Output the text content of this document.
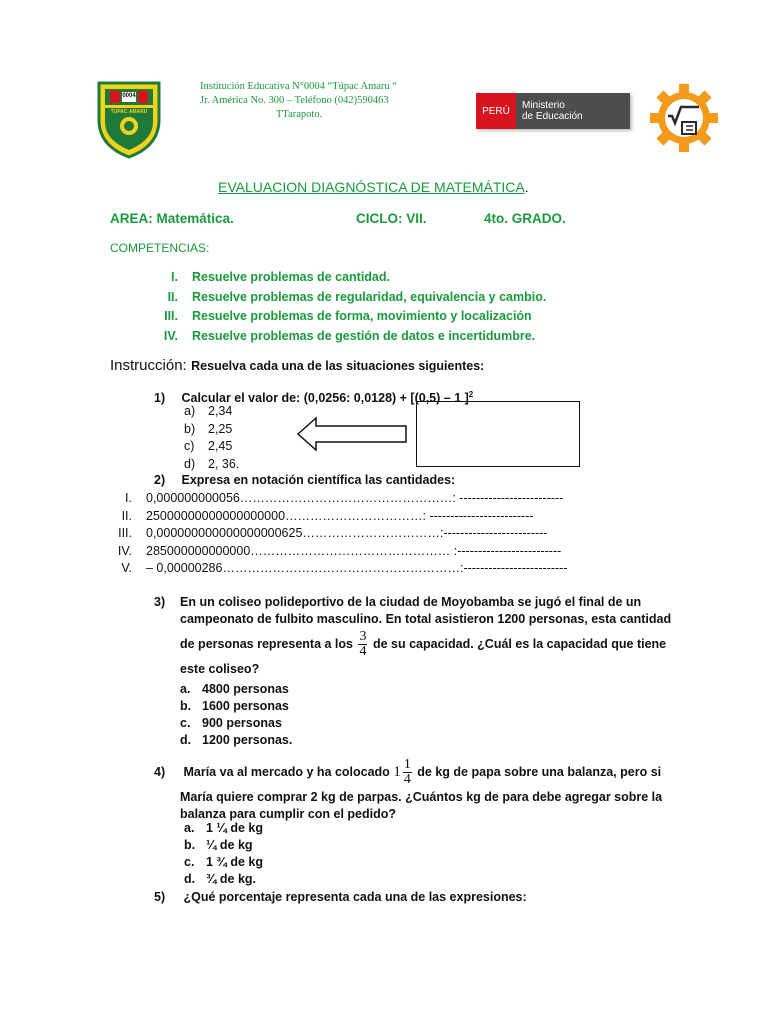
0004
TUPAC AMARU
Institución Educativa N°0004 “Túpac Amaru “
Jr. América No. 300 – Teléfono (042)590463
TTarapoto.	PERÚ	Ministerio
de Educación
EVALUACION DIAGNÓSTICA DE MATEMÁTICA.
AREA: Matemática.	CICLO: VII.	4to. GRADO.
COMPETENCIAS:
I. Resuelve problemas de cantidad.
II. Resuelve problemas de regularidad, equivalencia y cambio.
III. Resuelve problemas de forma, movimiento y localización
IV. Resuelve problemas de gestión de datos e incertidumbre.
Instrucción: Resuelva cada una de las situaciones siguientes:
1) Calcular el valor de: (0,0256: 0,0128) + [(0,5) – 1 ]$^2$
a) 2,34
b) 2,25
c) 2,45
d) 2, 36.
2) Expresa en notación científica las cantidades:
I. 0,000000000056……………………………………………: -------------------------
II. 25000000000000000000……………………………: -------------------------
III. 0,000000000000000000625……………………………:-------------------------
IV. 285000000000000………………………………………… :-------------------------
V. – 0,00000286…………………………………………………:-------------------------
3) En un coliseo polideportivo de la ciudad de Moyobamba se jugó el final de un
campeonato de fulbito masculino. En total asistieron 1200 personas, esta cantidad
de personas representa a los $\frac{3}{4}$ de su capacidad. ¿Cuál es la capacidad que tiene
este coliseo?
a. 4800 personas
b. 1600 personas
c. 900 personas
d. 1200 personas.
4) María va al mercado y ha colocado $1 \frac{1}{4}$ de kg de papa sobre una balanza, pero si
María quiere comprar 2 kg de parpas. ¿Cuántos kg de para debe agregar sobre la
balanza para cumplir con el pedido?
a. 1 ¼ de kg
b. ¼ de kg
c. 1 ¾ de kg
d. ¾ de kg.
5) ¿Qué porcentaje representa cada una de las expresiones:
